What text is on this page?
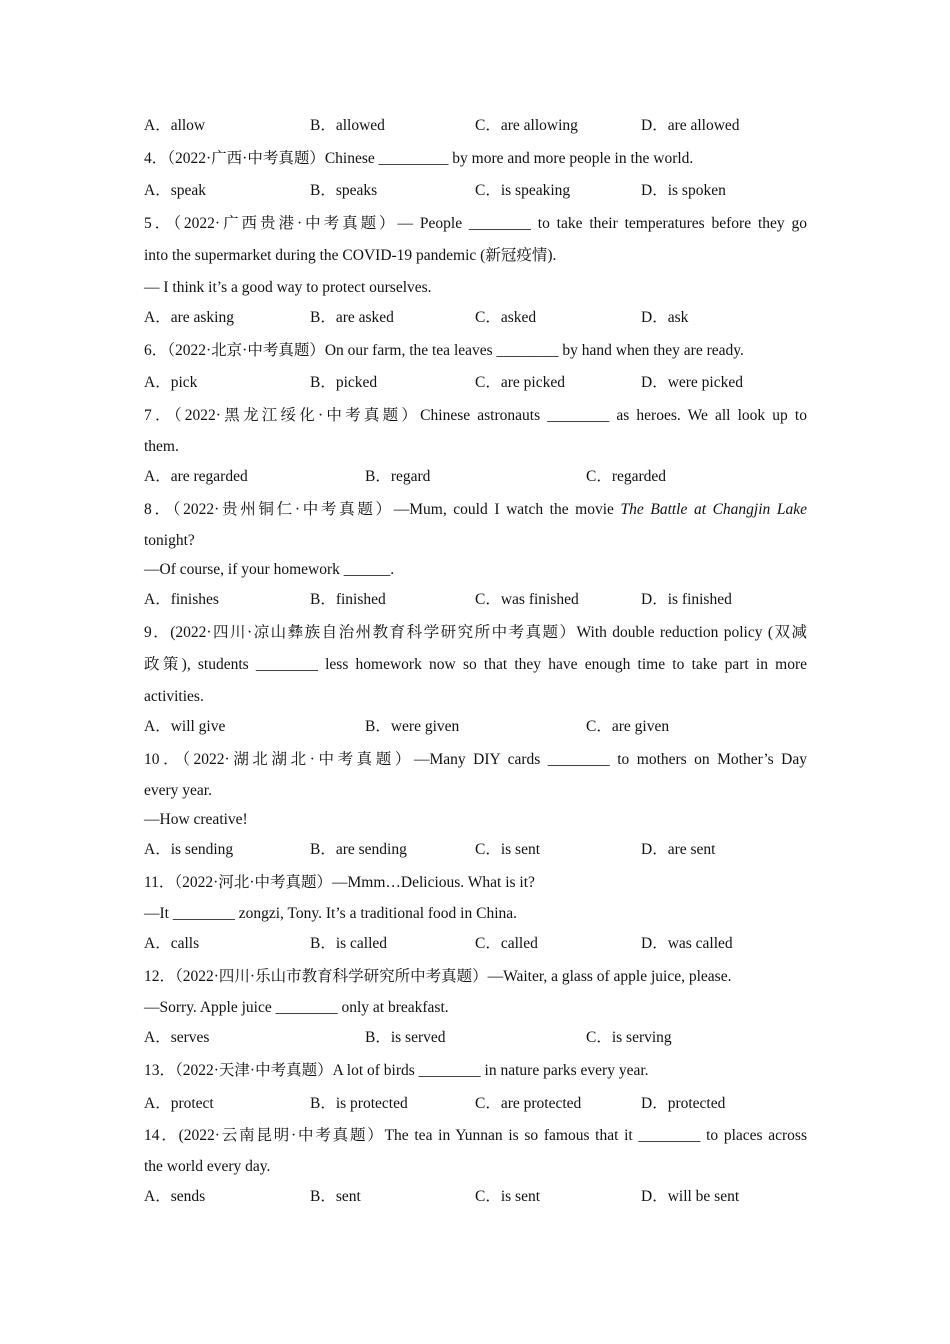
A．allow	B．allowed	C．are allowing	D．are allowed
4．（2022·广西·中考真题）Chinese _________ by more and more people in the world.
A．speak	B．speaks	C．is speaking	D．is spoken
5．（2022·广西贵港·中考真题）— People ________ to take their temperatures before they go
into the supermarket during the COVID-19 pandemic (新冠疫情).
— I think it’s a good way to protect ourselves.
A．are asking	B．are asked	C．asked	D．ask
6．（2022·北京·中考真题）On our farm, the tea leaves ________ by hand when they are ready.
A．pick	B．picked	C．are picked	D．were picked
7．（2022·黑龙江绥化·中考真题）Chinese astronauts ________ as heroes. We all look up to
them.
A．are regarded	B．regard	C．regarded
8．（2022·贵州铜仁·中考真题）—Mum, could I watch the movie The Battle at Changjin Lake
tonight?
—Of course, if your homework ______.
A．finishes	B．finished	C．was finished	D．is finished
9．(2022·四川·凉山彝族自治州教育科学研究所中考真题）With double reduction policy (双减
政策), students ________ less homework now so that they have enough time to take part in more
activities.
A．will give	B．were given	C．are given
10．（2022·湖北湖北·中考真题）—Many DIY cards ________ to mothers on Mother’s Day
every year.
—How creative!
A．is sending	B．are sending	C．is sent	D．are sent
11．（2022·河北·中考真题）—Mmm…Delicious. What is it?
—It ________ zongzi, Tony. It’s a traditional food in China.
A．calls	B．is called	C．called	D．was called
12．（2022·四川·乐山市教育科学研究所中考真题）—Waiter, a glass of apple juice, please.
—Sorry. Apple juice ________ only at breakfast.
A．serves	B．is served	C．is serving
13．（2022·天津·中考真题）A lot of birds ________ in nature parks every year.
A．protect	B．is protected	C．are protected	D．protected
14．(2022·云南昆明·中考真题）The tea in Yunnan is so famous that it ________ to places across
the world every day.
A．sends	B．sent	C．is sent	D．will be sent
